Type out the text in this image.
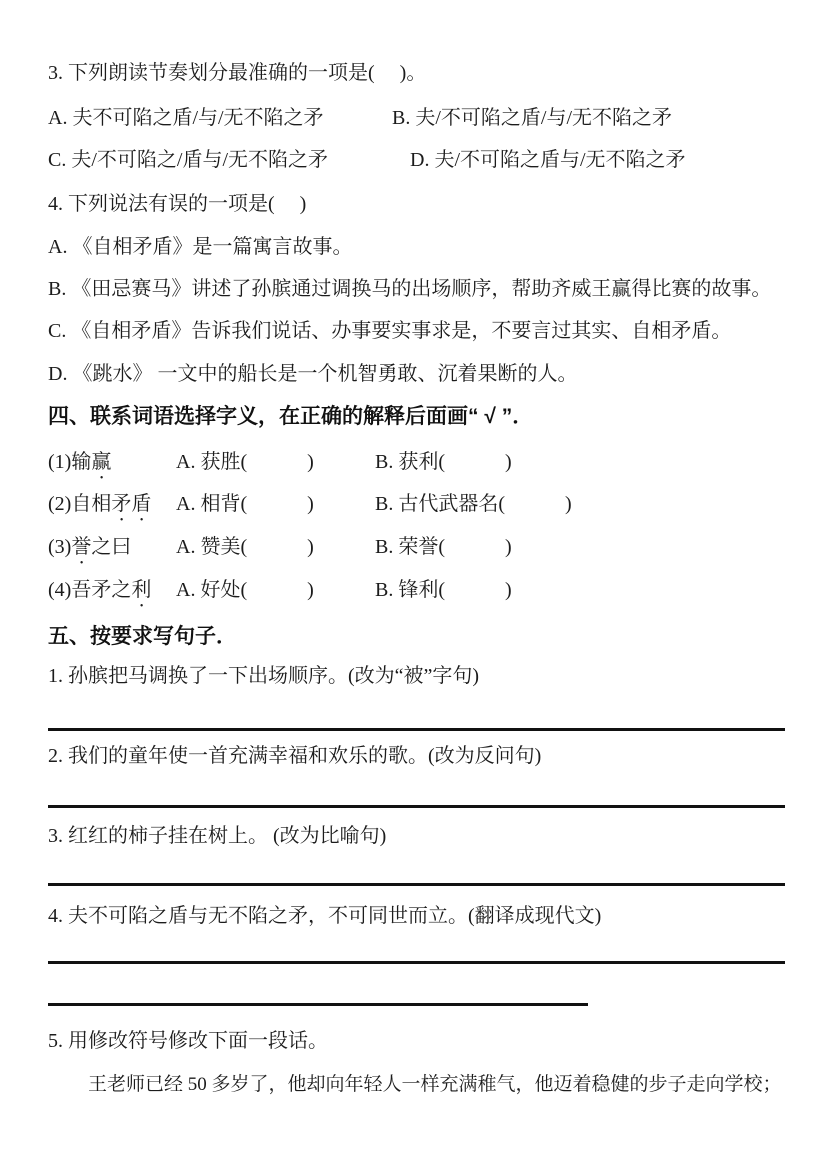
3. 下列朗读节奏划分最准确的一项是(　 )。
A. 夫不可陷之盾/与/无不陷之矛	B. 夫/不可陷之盾/与/无不陷之矛
C. 夫/不可陷之/盾与/无不陷之矛	D. 夫/不可陷之盾与/无不陷之矛
4. 下列说法有误的一项是(　 )
A. 《自相矛盾》是一篇寓言故事。
B. 《田忌赛马》讲述了孙膑通过调换马的出场顺序，帮助齐威王赢得比赛的故事。
C. 《自相矛盾》告诉我们说话、办事要实事求是，不要言过其实、自相矛盾。
D. 《跳水》 一文中的船长是一个机智勇敢、沉着果断的人。
四、联系词语选择字义，在正确的解释后面画“ √ ”．
(1)输赢	A. 获胜(　　　)	B. 获利(　　　)
(2)自相矛盾 A. 相背(　　　)	B. 古代武器名(　　　)
(3)誉之曰 A. 赞美(　　　)	B. 荣誉(　　　)
(4)吾矛之利 A. 好处(　　　)	B. 锋利(　　　)
五、按要求写句子．
1. 孙膑把马调换了一下出场顺序。(改为“被”字句)
2. 我们的童年使一首充满幸福和欢乐的歌。(改为反问句)
3. 红红的柿子挂在树上。 (改为比喻句)
4. 夫不可陷之盾与无不陷之矛，不可同世而立。(翻译成现代文)
5. 用修改符号修改下面一段话。
王老师已经 50 多岁了，他却向年轻人一样充满稚气，他迈着稳健的步子走向学校；
